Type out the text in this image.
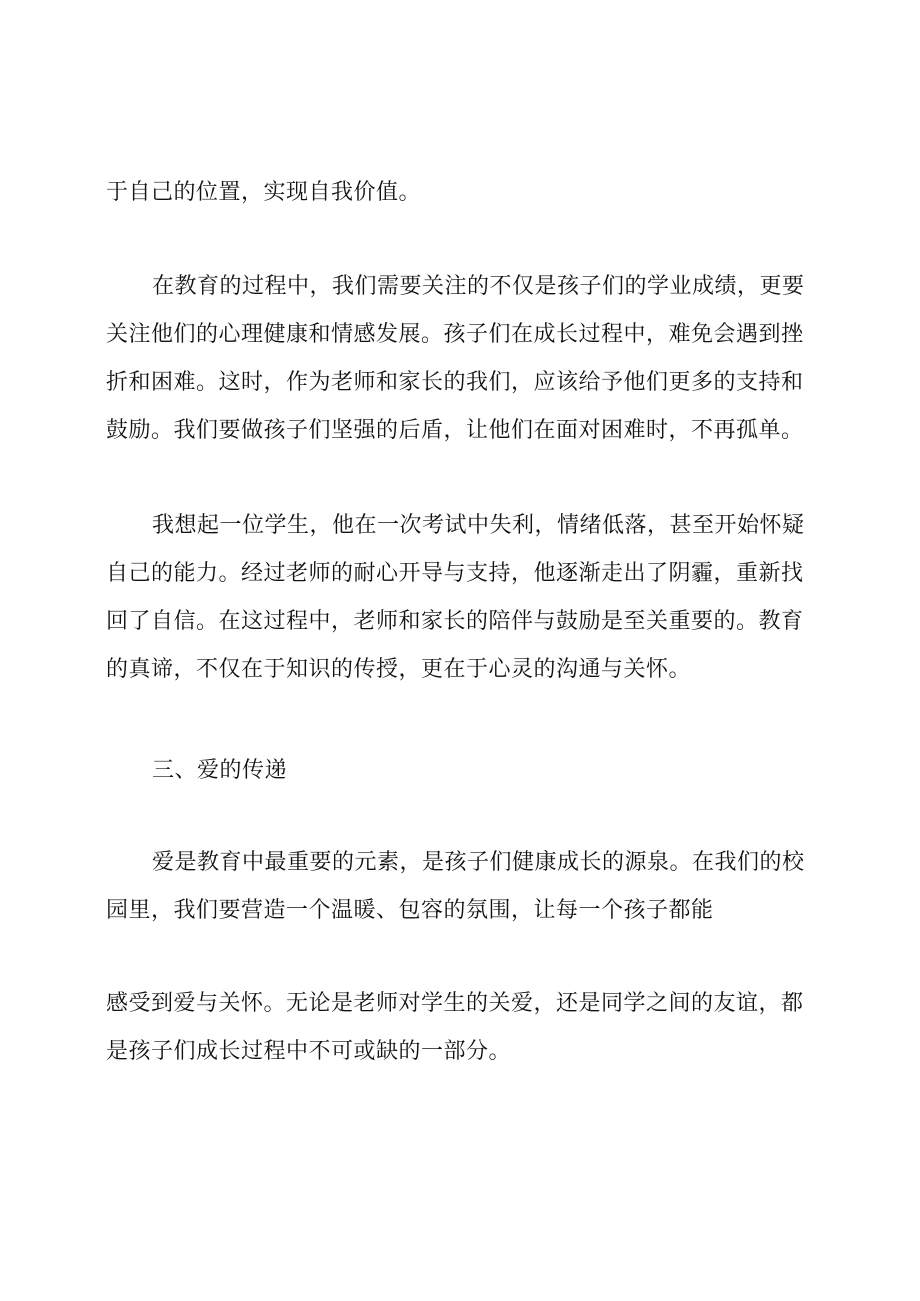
于自己的位置，实现自我价值。
在教育的过程中，我们需要关注的不仅是孩子们的学业成绩，更要
关注他们的心理健康和情感发展。孩子们在成长过程中，难免会遇到挫
折和困难。这时，作为老师和家长的我们，应该给予他们更多的支持和
鼓励。我们要做孩子们坚强的后盾，让他们在面对困难时，不再孤单。
我想起一位学生，他在一次考试中失利，情绪低落，甚至开始怀疑
自己的能力。经过老师的耐心开导与支持，他逐渐走出了阴霾，重新找
回了自信。在这过程中，老师和家长的陪伴与鼓励是至关重要的。教育
的真谛，不仅在于知识的传授，更在于心灵的沟通与关怀。
三、爱的传递
爱是教育中最重要的元素，是孩子们健康成长的源泉。在我们的校
园里，我们要营造一个温暖、包容的氛围，让每一个孩子都能
感受到爱与关怀。无论是老师对学生的关爱，还是同学之间的友谊，都
是孩子们成长过程中不可或缺的一部分。
